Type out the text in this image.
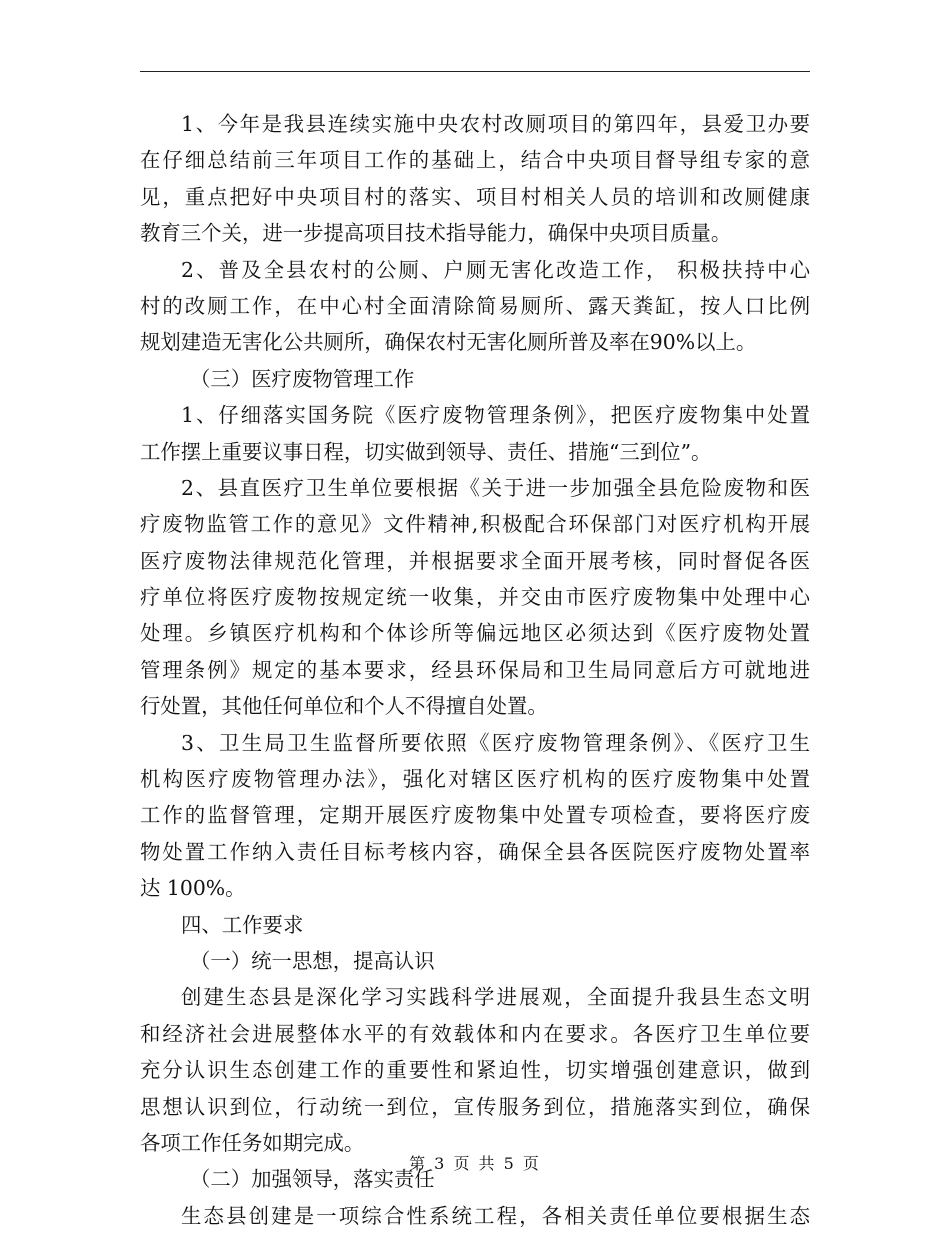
1、今年是我县连续实施中央农村改厕项目的第四年，县爱卫办要
在仔细总结前三年项目工作的基础上，结合中央项目督导组专家的意
见，重点把好中央项目村的落实、项目村相关人员的培训和改厕健康
教育三个关，进一步提高项目技术指导能力，确保中央项目质量。
2、普及全县农村的公厕、户厕无害化改造工作， 积极扶持中心
村的改厕工作，在中心村全面清除简易厕所、露天粪缸，按人口比例
规划建造无害化公共厕所，确保农村无害化厕所普及率在90%以上。
（三）医疗废物管理工作
1、仔细落实国务院《医疗废物管理条例》，把医疗废物集中处置
工作摆上重要议事日程，切实做到领导、责任、措施“三到位”。
2、县直医疗卫生单位要根据《关于进一步加强全县危险废物和医
疗废物监管工作的意见》文件精神,积极配合环保部门对医疗机构开展
医疗废物法律规范化管理，并根据要求全面开展考核，同时督促各医
疗单位将医疗废物按规定统一收集，并交由市医疗废物集中处理中心
处理。乡镇医疗机构和个体诊所等偏远地区必须达到《医疗废物处置
管理条例》规定的基本要求，经县环保局和卫生局同意后方可就地进
行处置，其他任何单位和个人不得擅自处置。
3、卫生局卫生监督所要依照《医疗废物管理条例》、《医疗卫生
机构医疗废物管理办法》，强化对辖区医疗机构的医疗废物集中处置
工作的监督管理，定期开展医疗废物集中处置专项检查，要将医疗废
物处置工作纳入责任目标考核内容，确保全县各医院医疗废物处置率
达 100%。
四、工作要求
（一）统一思想，提高认识
创建生态县是深化学习实践科学进展观，全面提升我县生态文明
和经济社会进展整体水平的有效载体和内在要求。各医疗卫生单位要
充分认识生态创建工作的重要性和紧迫性，切实增强创建意识，做到
思想认识到位，行动统一到位，宣传服务到位，措施落实到位，确保
各项工作任务如期完成。
（二）加强领导，落实责任
生态县创建是一项综合性系统工程，各相关责任单位要根据生态
第 3 页 共 5 页
